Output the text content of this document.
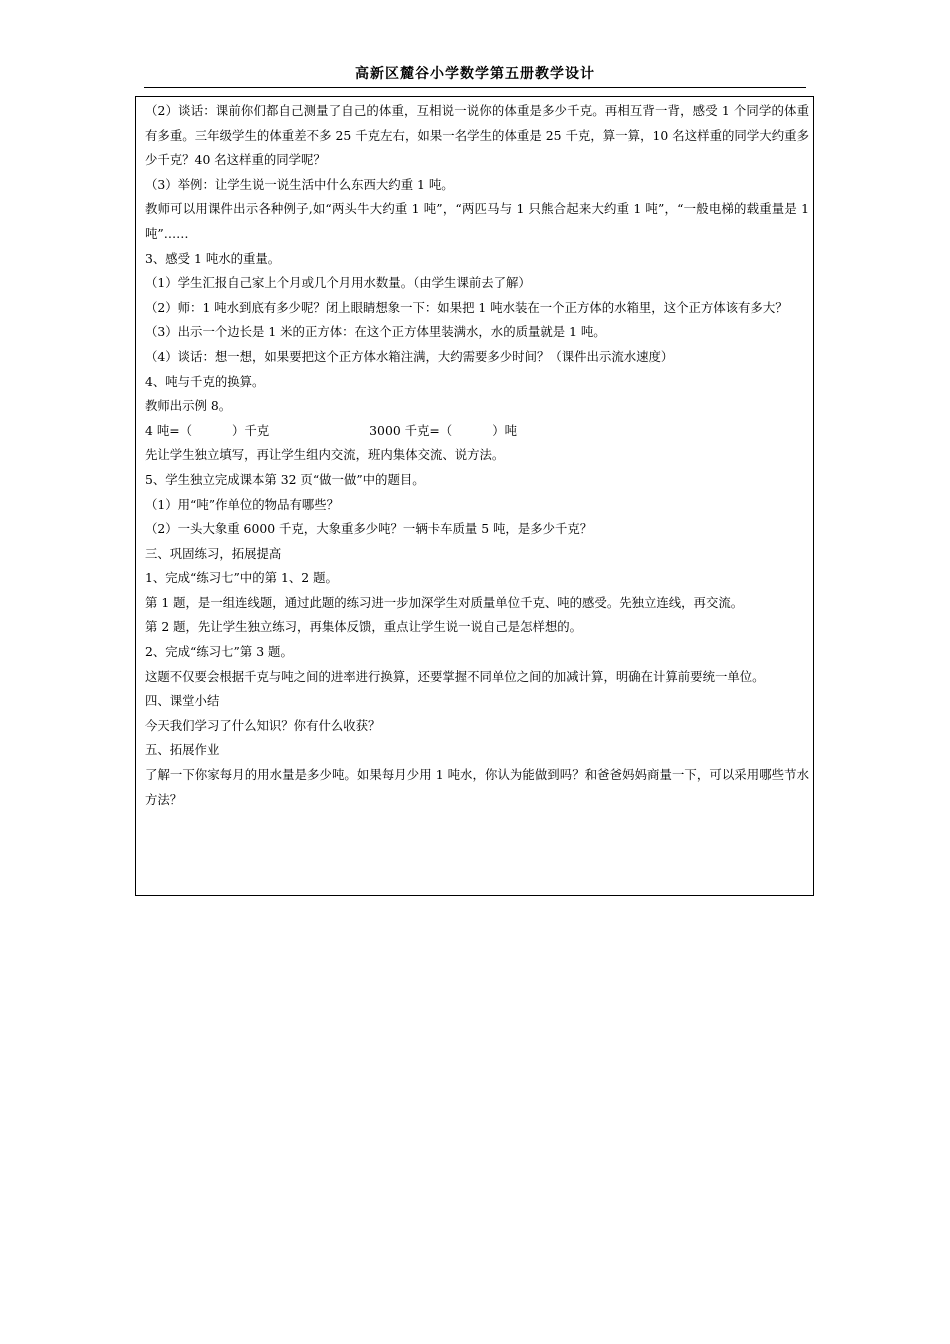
高新区麓谷小学数学第五册教学设计

（2）谈话：课前你们都自己测量了自己的体重，互相说一说你的体重是多少千克。再相互背一背，感受 1 个同学的体重有多重。三年级学生的体重差不多 25 千克左右，如果一名学生的体重是 25 千克，算一算，10 名这样重的同学大约重多少千克？40 名这样重的同学呢？

（3）举例：让学生说一说生活中什么东西大约重 1 吨。

教师可以用课件出示各种例子,如“两头牛大约重 1 吨”，“两匹马与 1 只熊合起来大约重 1 吨”，“一般电梯的载重量是 1 吨”……

3、感受 1 吨水的重量。

（1）学生汇报自己家上个月或几个月用水数量。（由学生课前去了解）

（2）师：1 吨水到底有多少呢？闭上眼睛想象一下：如果把 1 吨水装在一个正方体的水箱里，这个正方体该有多大？

（3）出示一个边长是 1 米的正方体：在这个正方体里装满水，水的质量就是 1 吨。

（4）谈话：想一想，如果要把这个正方体水箱注满，大约需要多少时间？（课件出示流水速度）

4、吨与千克的换算。

教师出示例 8。

4 吨=（	）千克	3000 千克=（	）吨

先让学生独立填写，再让学生组内交流，班内集体交流、说方法。

5、学生独立完成课本第 32 页“做一做”中的题目。

（1）用“吨”作单位的物品有哪些？

（2）一头大象重 6000 千克，大象重多少吨？一辆卡车质量 5 吨，是多少千克？

三、巩固练习，拓展提高

1、完成“练习七”中的第 1、2 题。

第 1 题，是一组连线题，通过此题的练习进一步加深学生对质量单位千克、吨的感受。先独立连线，再交流。

第 2 题，先让学生独立练习，再集体反馈，重点让学生说一说自己是怎样想的。

2、完成“练习七”第 3 题。

这题不仅要会根据千克与吨之间的进率进行换算，还要掌握不同单位之间的加减计算，明确在计算前要统一单位。

四、课堂小结

今天我们学习了什么知识？你有什么收获？

五、拓展作业

了解一下你家每月的用水量是多少吨。如果每月少用 1 吨水，你认为能做到吗？和爸爸妈妈商量一下，可以采用哪些节水方法？
